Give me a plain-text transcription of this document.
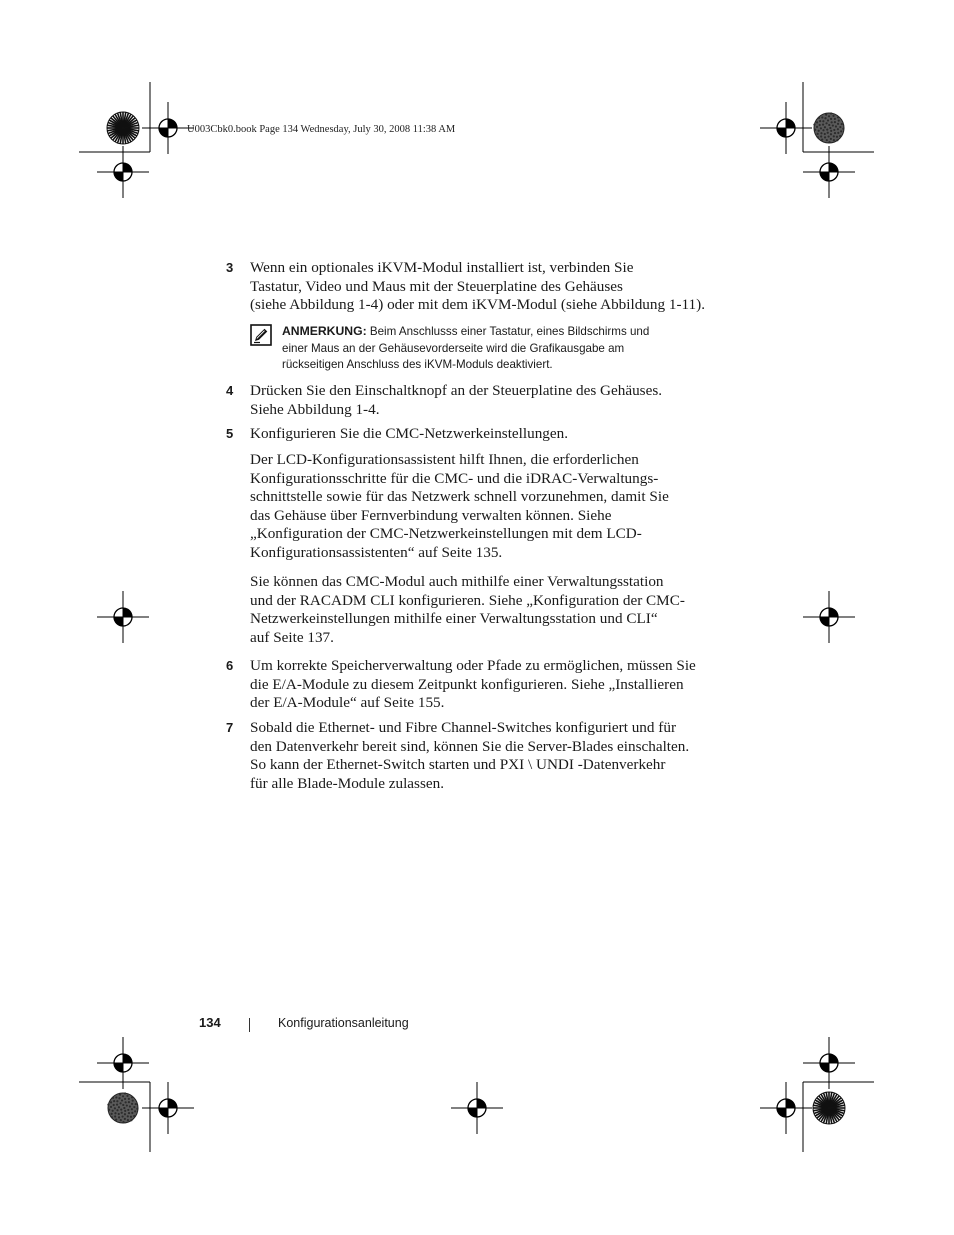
U003Cbk0.book Page 134 Wednesday, July 30, 2008 11:38 AM
3 Wenn ein optionales iKVM-Modul installiert ist, verbinden Sie
Tastatur, Video und Maus mit der Steuerplatine des Gehäuses
(siehe Abbildung 1-4) oder mit dem iKVM-Modul (siehe Abbildung 1-11).
ANMERKUNG: Beim Anschlusss einer Tastatur, eines Bildschirms und
einer Maus an der Gehäusevorderseite wird die Grafikausgabe am
rückseitigen Anschluss des iKVM-Moduls deaktiviert.
4 Drücken Sie den Einschaltknopf an der Steuerplatine des Gehäuses.
Siehe Abbildung 1-4.
5 Konfigurieren Sie die CMC-Netzwerkeinstellungen.
Der LCD-Konfigurationsassistent hilft Ihnen, die erforderlichen
Konfigurationsschritte für die CMC- und die iDRAC-Verwaltungs-
schnittstelle sowie für das Netzwerk schnell vorzunehmen, damit Sie
das Gehäuse über Fernverbindung verwalten können. Siehe
„Konfiguration der CMC-Netzwerkeinstellungen mit dem LCD-
Konfigurationsassistenten“ auf Seite 135.
Sie können das CMC-Modul auch mithilfe einer Verwaltungsstation
und der RACADM CLI konfigurieren. Siehe „Konfiguration der CMC-
Netzwerkeinstellungen mithilfe einer Verwaltungsstation und CLI“
auf Seite 137.
6 Um korrekte Speicherverwaltung oder Pfade zu ermöglichen, müssen Sie
die E/A-Module zu diesem Zeitpunkt konfigurieren. Siehe „Installieren
der E/A-Module“ auf Seite 155.
7 Sobald die Ethernet- und Fibre Channel-Switches konfiguriert und für
den Datenverkehr bereit sind, können Sie die Server-Blades einschalten.
So kann der Ethernet-Switch starten und PXI \ UNDI -Datenverkehr
für alle Blade-Module zulassen.
134	Konfigurationsanleitung
